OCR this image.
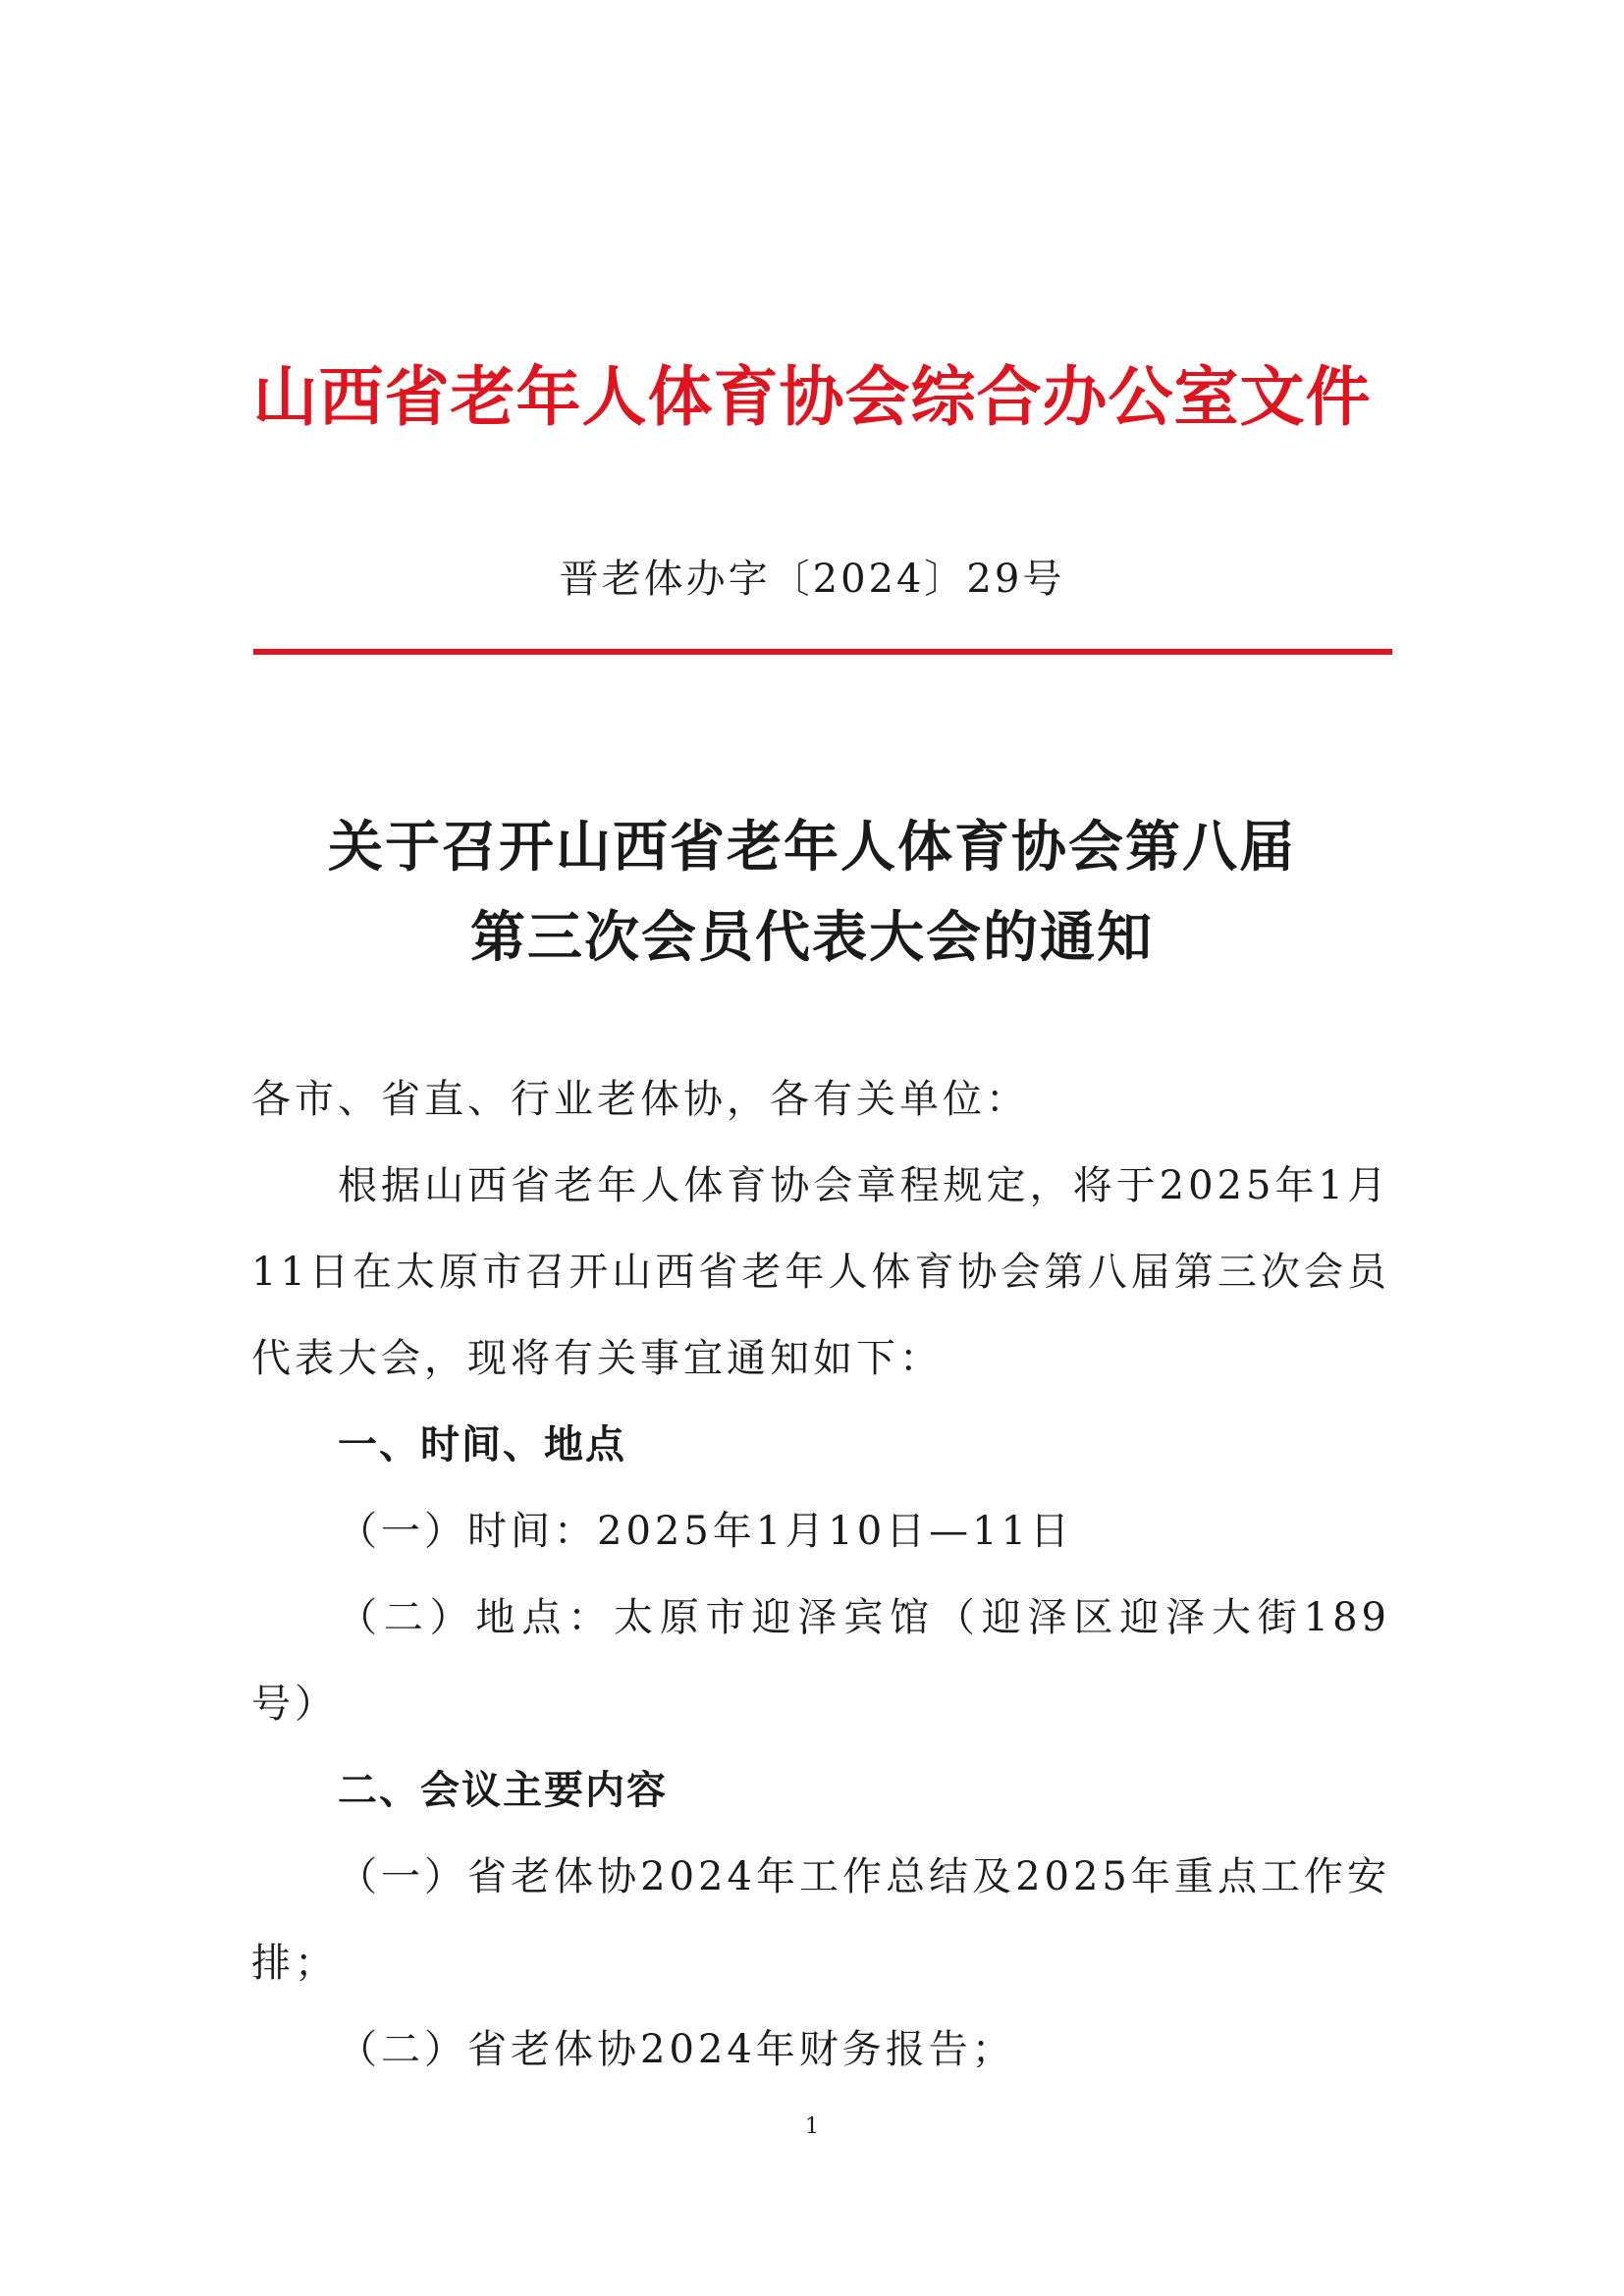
山西省老年人体育协会综合办公室文件
晋老体办字〔2024〕29号
关于召开山西省老年人体育协会第八届
第三次会员代表大会的通知

各市、省直、行业老体协，各有关单位：

根据山西省老年人体育协会章程规定，将于2025年1月11日在太原市召开山西省老年人体育协会第八届第三次会员代表大会，现将有关事宜通知如下：

一、时间、地点

（一）时间：2025年1月10日—11日

（二）地点：太原市迎泽宾馆（迎泽区迎泽大街189号）

二、会议主要内容

（一）省老体协2024年工作总结及2025年重点工作安排；

（二）省老体协2024年财务报告；

1
